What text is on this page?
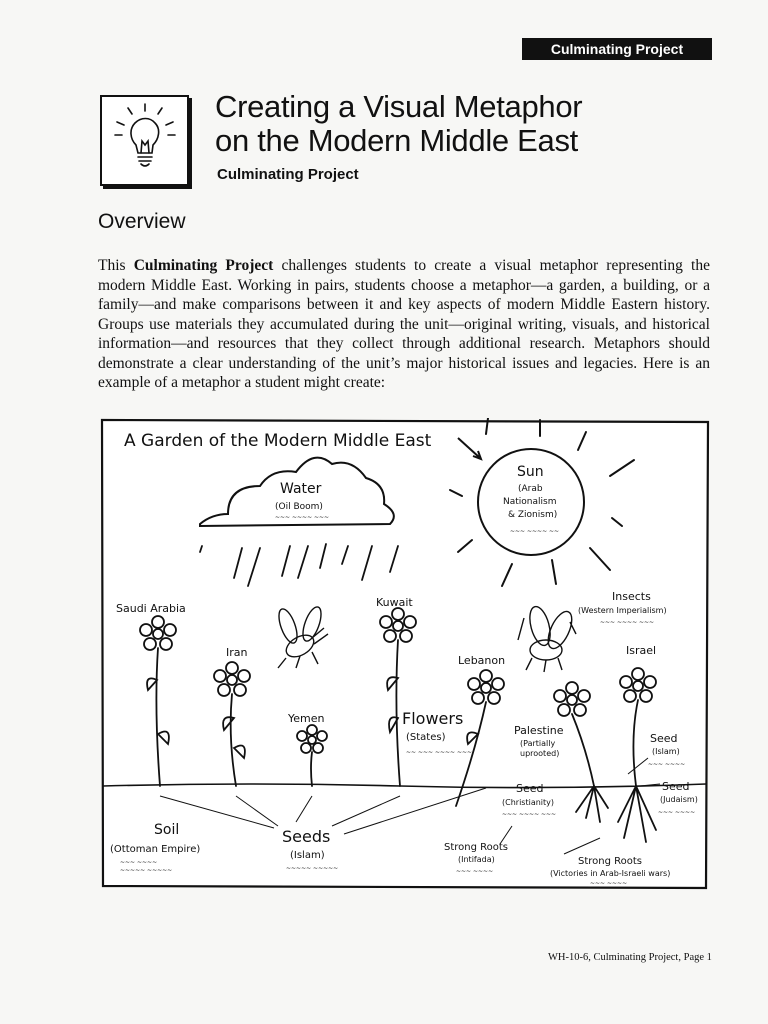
Culminating Project
Creating a Visual Metaphor
on the Modern Middle East
Culminating Project
Overview
This Culminating Project challenges students to create a visual metaphor representing the modern Middle East. Working in pairs, students choose a metaphor—a garden, a building, or a family—and make comparisons between it and key aspects of modern Middle Eastern history. Groups use materials they accumulated during the unit—original writing, visuals, and historical information—and resources that they collect through additional research. Metaphors should demonstrate a clear understanding of the unit’s major historical issues and legacies. Here is an example of a metaphor a student might create:
A Garden of the Modern Middle East
Water
(Oil Boom)
~~~ ~~~~ ~~~
Sun
(Arab
Nationalism
& Zionism)
~~~ ~~~~ ~~
Insects
(Western Imperialism)
~~~ ~~~~ ~~~
Saudi Arabia
Iran
Kuwait
Lebanon
Israel
Yemen	Flowers
(States)
~~ ~~~ ~~~~ ~~~
Palestine
(Partially
uprooted)
Seed
(Islam)
~~~ ~~~~
Seed
(Christianity)
~~~ ~~~~ ~~~
Seed
(Judaism)
~~~ ~~~~
Soil
(Ottoman Empire)
~~~ ~~~~
~~~~~ ~~~~~
Seeds
(Islam)
~~~~~ ~~~~~
Strong Roots
(Intifada)
~~~ ~~~~
Strong Roots
(Victories in Arab-Israeli wars)
~~~ ~~~~
WH-10-6, Culminating Project, Page 1
